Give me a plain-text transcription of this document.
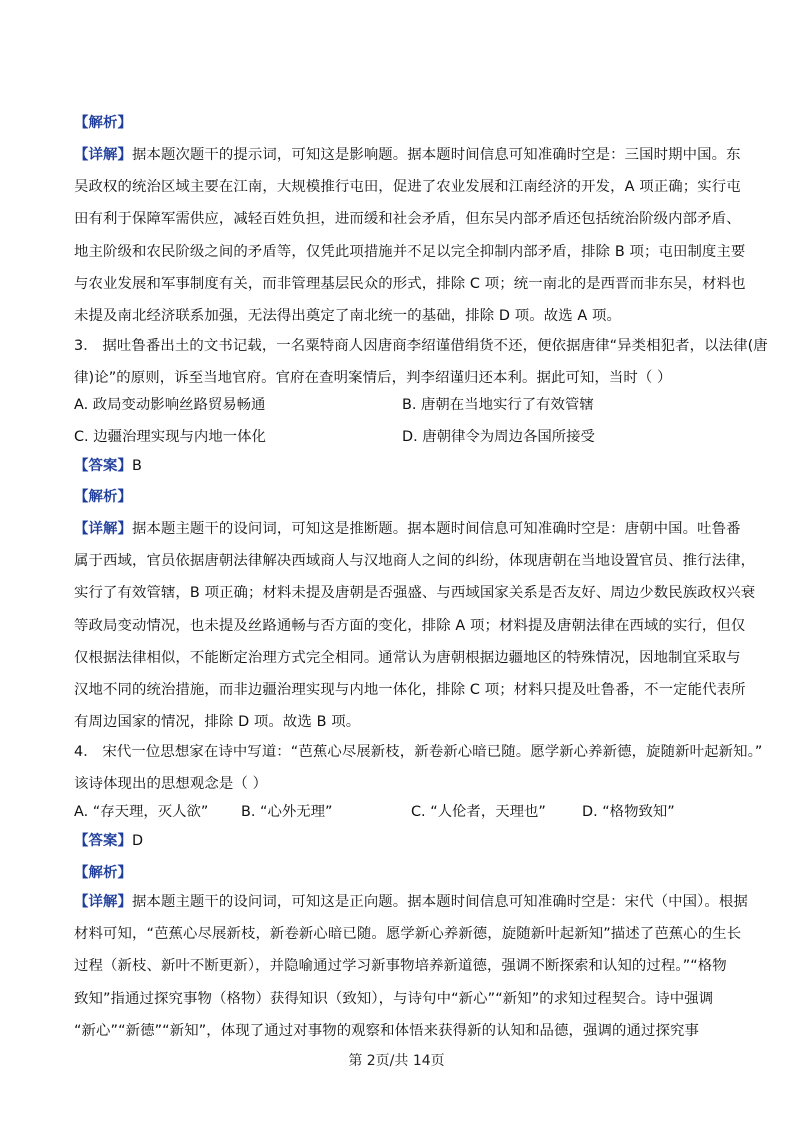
【解析】
【详解】据本题次题干的提示词，可知这是影响题。据本题时间信息可知准确时空是：三国时期中国。东
吴政权的统治区域主要在江南，大规模推行屯田，促进了农业发展和江南经济的开发，A 项正确；实行屯
田有利于保障军需供应，减轻百姓负担，进而缓和社会矛盾，但东吴内部矛盾还包括统治阶级内部矛盾、
地主阶级和农民阶级之间的矛盾等，仅凭此项措施并不足以完全抑制内部矛盾，排除 B 项；屯田制度主要
与农业发展和军事制度有关，而非管理基层民众的形式，排除 C 项；统一南北的是西晋而非东吴，材料也
未提及南北经济联系加强，无法得出奠定了南北统一的基础，排除 D 项。故选 A 项。
3． 据吐鲁番出土的文书记载，一名粟特商人因唐商李绍谨借绢货不还，便依据唐律“异类相犯者，以法律(唐
律)论”的原则，诉至当地官府。官府在查明案情后，判李绍谨归还本利。据此可知，当时（ ）
A. 政局变动影响丝路贸易畅通	B. 唐朝在当地实行了有效管辖
C. 边疆治理实现与内地一体化	D. 唐朝律令为周边各国所接受
【答案】B
【解析】
【详解】据本题主题干的设问词，可知这是推断题。据本题时间信息可知准确时空是：唐朝中国。吐鲁番
属于西域，官员依据唐朝法律解决西域商人与汉地商人之间的纠纷，体现唐朝在当地设置官员、推行法律，
实行了有效管辖，B 项正确；材料未提及唐朝是否强盛、与西域国家关系是否友好、周边少数民族政权兴衰
等政局变动情况，也未提及丝路通畅与否方面的变化，排除 A 项；材料提及唐朝法律在西域的实行，但仅
仅根据法律相似，不能断定治理方式完全相同。通常认为唐朝根据边疆地区的特殊情况，因地制宜采取与
汉地不同的统治措施，而非边疆治理实现与内地一体化，排除 C 项；材料只提及吐鲁番，不一定能代表所
有周边国家的情况，排除 D 项。故选 B 项。
4． 宋代一位思想家在诗中写道：“芭蕉心尽展新枝，新卷新心暗已随。愿学新心养新德，旋随新叶起新知。”
该诗体现出的思想观念是（ ）
A. “存天理，灭人欲” B. “心外无理”	C. “人伦者，天理也”	D. “格物致知”
【答案】D
【解析】
【详解】据本题主题干的设问词，可知这是正向题。据本题时间信息可知准确时空是：宋代（中国）。根据
材料可知，“芭蕉心尽展新枝，新卷新心暗已随。愿学新心养新德，旋随新叶起新知”描述了芭蕉心的生长
过程（新枝、新叶不断更新），并隐喻通过学习新事物培养新道德，强调不断探索和认知的过程。”“格物
致知”指通过探究事物（格物）获得知识（致知），与诗句中“新心”“新知”的求知过程契合。诗中强调
“新心”“新德”“新知”，体现了通过对事物的观察和体悟来获得新的认知和品德，强调的通过探究事
第 2页/共 14页
